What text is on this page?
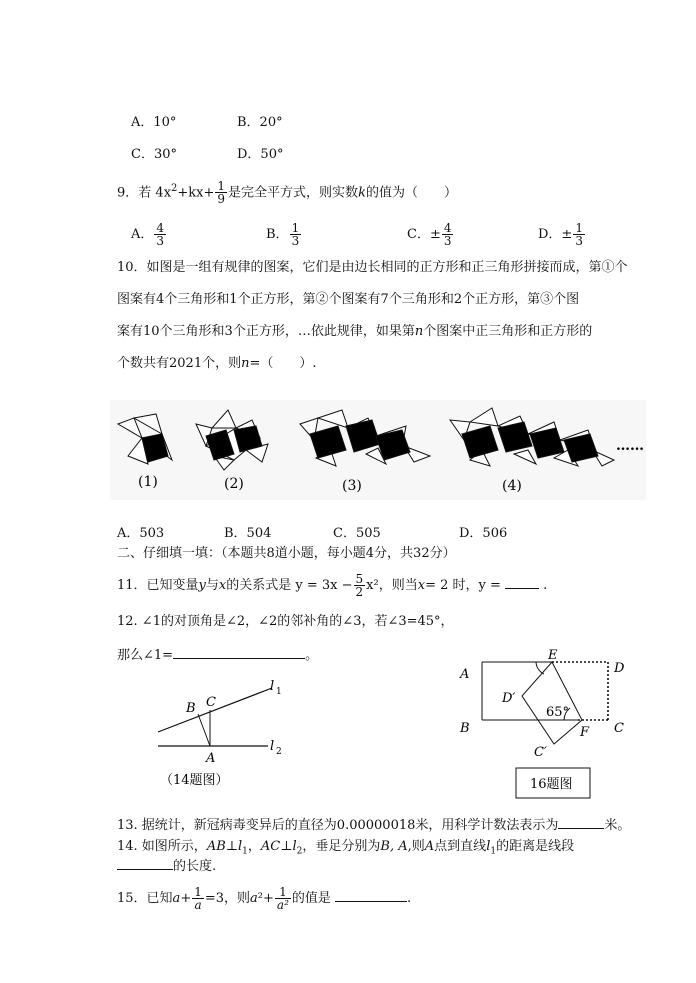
A．10°	B．20°
C．30°	D．50°
9．若 $4x^2+kx+ \frac{1}{9}$ 是完全平方式，则实数k的值为（　　）
A． $\frac{4}{3}$	B． $\frac{1}{3}$	C．± $\frac{4}{3}$	D．± $\frac{1}{3}$
10．如图是一组有规律的图案，它们是由边长相同的正方形和正三角形拼接而成，第①个
图案有4个三角形和1个正方形，第②个图案有7个三角形和2个正方形，第③个图
案有10个三角形和3个正方形，…依此规律，如果第n个图案中正三角形和正方形的
个数共有2021个，则n=（　　）.
……
(1)	(2)	(3)	(4)
A．503	B．504	C．505	D．506
二、仔细填一填：（本题共8道小题，每小题4分，共32分）
11．已知变量y与x的关系式是 $y = 3x - \frac{5}{2} x^2$，则当x= 2 时，y =	.
12. ∠1的对顶角是∠2，∠2的邻补角的∠3，若∠3=45°，
那么∠1=	。
B C
A
l 1
l 2
（14题图）
A
B
E
D
C
F
D′
C′
65°
16题图
13. 据统计，新冠病毒变异后的直径为0.00000018米，用科学计数法表示为	米。
14. 如图所示，$AB\perp l_1$，$AC\perp l_2$，垂足分别为B, A,则A点到直线$l_1$的距离是线段
的长度.
15．已知$a+ \frac{1}{a} =3$，则$a^2+ \frac{1}{\text{a²}}$ 的值是	.
